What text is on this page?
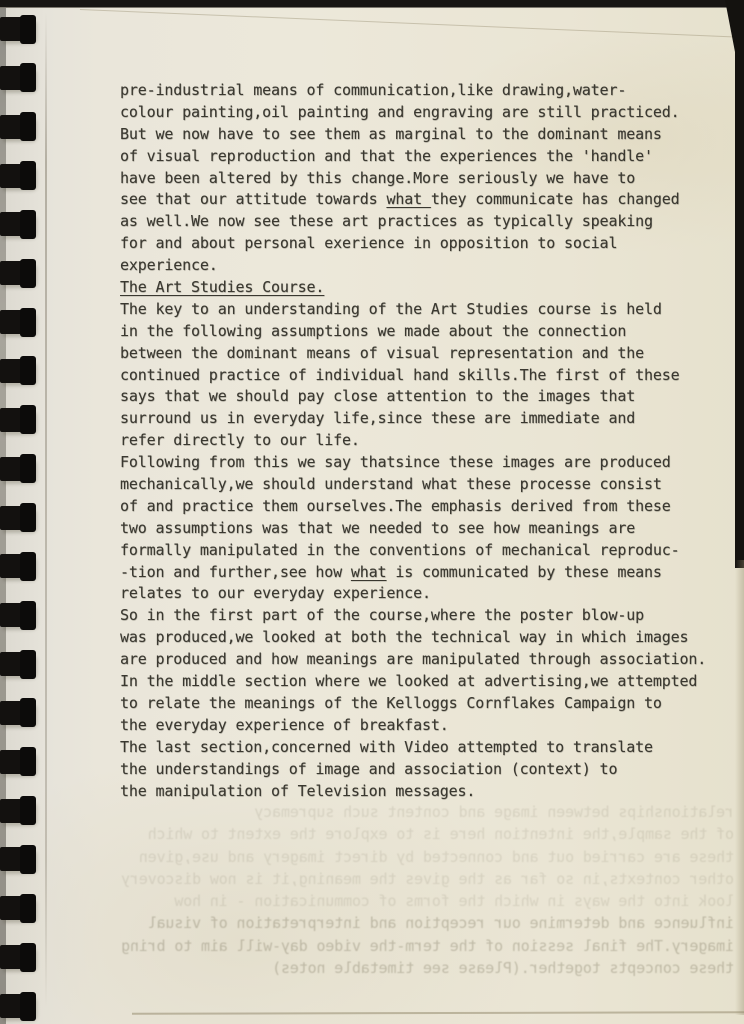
pre-industrial means of communication,like drawing,water-
colour painting,oil painting and engraving are still practiced.
But we now have to see them as marginal to the dominant means
of visual reproduction and that the experiences the 'handle'
have been altered by this change.More seriously we have to
see that our attitude towards what they communicate has changed
as well.We now see these art practices as typically speaking
for and about personal exerience in opposition to social
experience.
The Art Studies Course.
The key to an understanding of the Art Studies course is held
in the following assumptions we made about the connection
between the dominant means of visual representation and the
continued practice of individual hand skills.The first of these
says that we should pay close attention to the images that
surround us in everyday life,since these are immediate and
refer directly to our life.
Following from this we say thatsince these images are produced
mechanically,we should understand what these processe consist
of and practice them ourselves.The emphasis derived from these
two assumptions was that we needed to see how meanings are
formally manipulated in the conventions of mechanical reproduc-
-tion and further,see how what is communicated by these means
relates to our everyday experience.
So in the first part of the course,where the poster blow-up
was produced,we looked at both the technical way in which images
are produced and how meanings are manipulated through association.
In the middle section where we looked at advertising,we attempted
to relate the meanings of the Kelloggs Cornflakes Campaign to
the everyday experience of breakfast.
The last section,concerned with Video attempted to translate
the understandings of image and association (context) to
the manipulation of Television messages.
relationships between image and content such supremacy
of the sample,the intention here is to explore the extent to which
these are carried out and connected by direct imagery and use,given
other contexts,in so far as the gives the meaning,it is now discovery
look into the ways in which the forms of communication - in how
influence and determine our reception and interpretation of visual
imagery.The final session of the term-the video day-will aim to bring
these concepts together.(Please see timetable notes)
